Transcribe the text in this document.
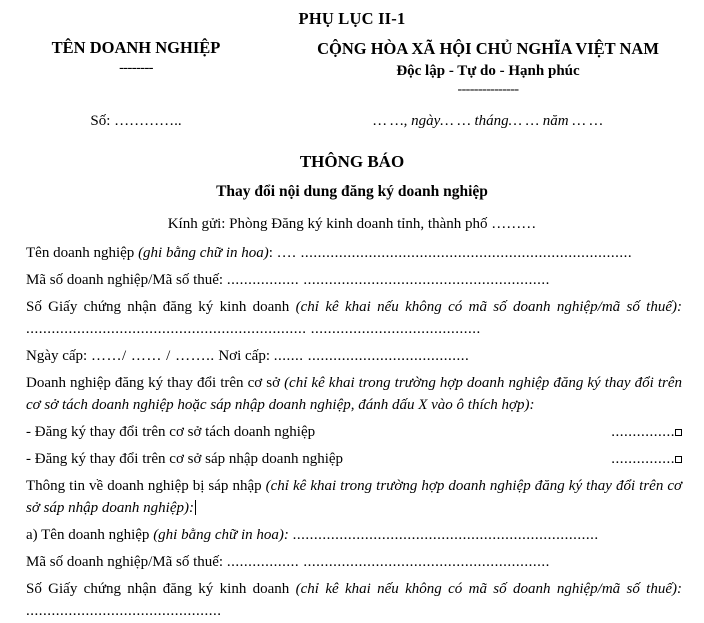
PHỤ LỤC II-1
TÊN DOANH NGHIỆP
--------
CỘNG HÒA XÃ HỘI CHỦ NGHĨA VIỆT NAM
Độc lập - Tự do - Hạnh phúc
---------------
Số: …………..	… …, ngày… … tháng… … năm … …
THÔNG BÁO
Thay đổi nội dung đăng ký doanh nghiệp
Kính gửi: Phòng Đăng ký kinh doanh tỉnh, thành phố ………

Tên doanh nghiệp (ghi bằng chữ in hoa): …. ..............................................................................

Mã số doanh nghiệp/Mã số thuế: ................. ..........................................................

Số Giấy chứng nhận đăng ký kinh doanh (chỉ kê khai nếu không có mã số doanh nghiệp/mã số thuế): .................................................................. ........................................

Ngày cấp: ……/ …… / …….. Nơi cấp: ....... ......................................

Doanh nghiệp đăng ký thay đổi trên cơ sở (chỉ kê khai trong trường hợp doanh nghiệp đăng ký thay đổi trên cơ sở tách doanh nghiệp hoặc sáp nhập doanh nghiệp, đánh dấu X vào ô thích hợp):

- Đăng ký thay đổi trên cơ sở tách doanh nghiệp	...............
- Đăng ký thay đổi trên cơ sở sáp nhập doanh nghiệp	...............

Thông tin về doanh nghiệp bị sáp nhập (chỉ kê khai trong trường hợp doanh nghiệp đăng ký thay đổi trên cơ sở sáp nhập doanh nghiệp):

a) Tên doanh nghiệp (ghi bằng chữ in hoa): ........................................................................

Mã số doanh nghiệp/Mã số thuế: ................. ..........................................................

Số Giấy chứng nhận đăng ký kinh doanh (chỉ kê khai nếu không có mã số doanh nghiệp/mã số thuế): ..............................................
